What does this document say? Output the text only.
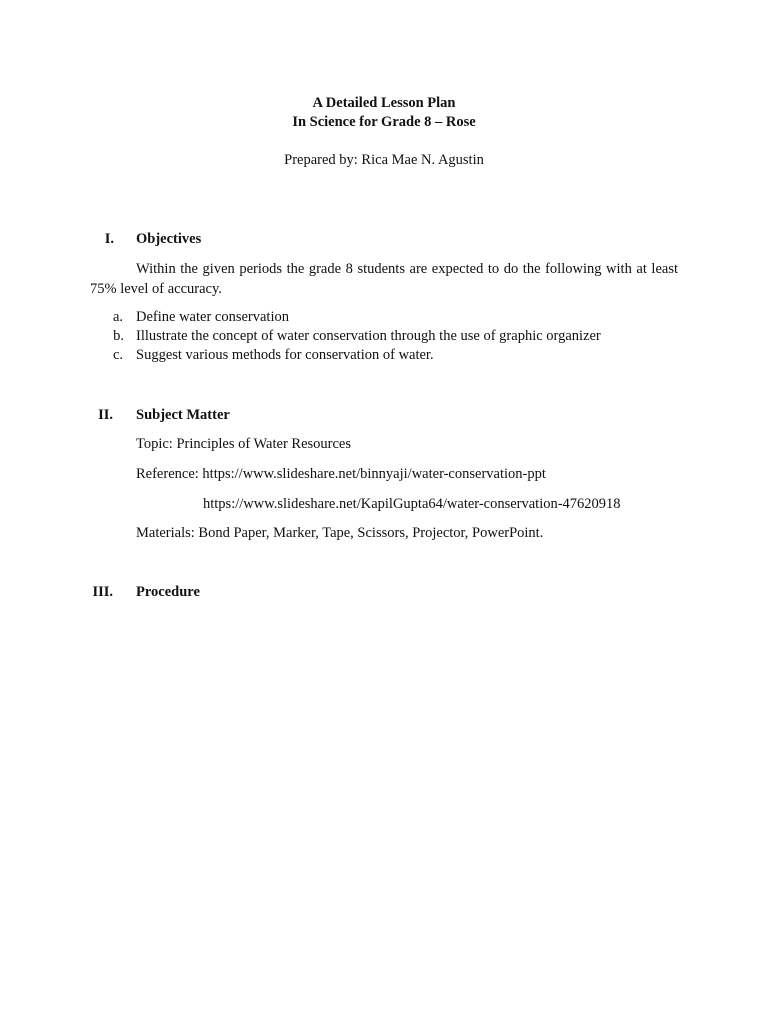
A Detailed Lesson Plan
In Science for Grade 8 – Rose
Prepared by: Rica Mae N. Agustin
I. Objectives
Within the given periods the grade 8 students are expected to do the following with at least 75% level of accuracy.
a. Define water conservation
b. Illustrate the concept of water conservation through the use of graphic organizer
c. Suggest various methods for conservation of water.
II. Subject Matter
Topic: Principles of Water Resources
Reference: https://www.slideshare.net/binnyaji/water-conservation-ppt
https://www.slideshare.net/KapilGupta64/water-conservation-47620918
Materials: Bond Paper, Marker, Tape, Scissors, Projector, PowerPoint.
III. Procedure
